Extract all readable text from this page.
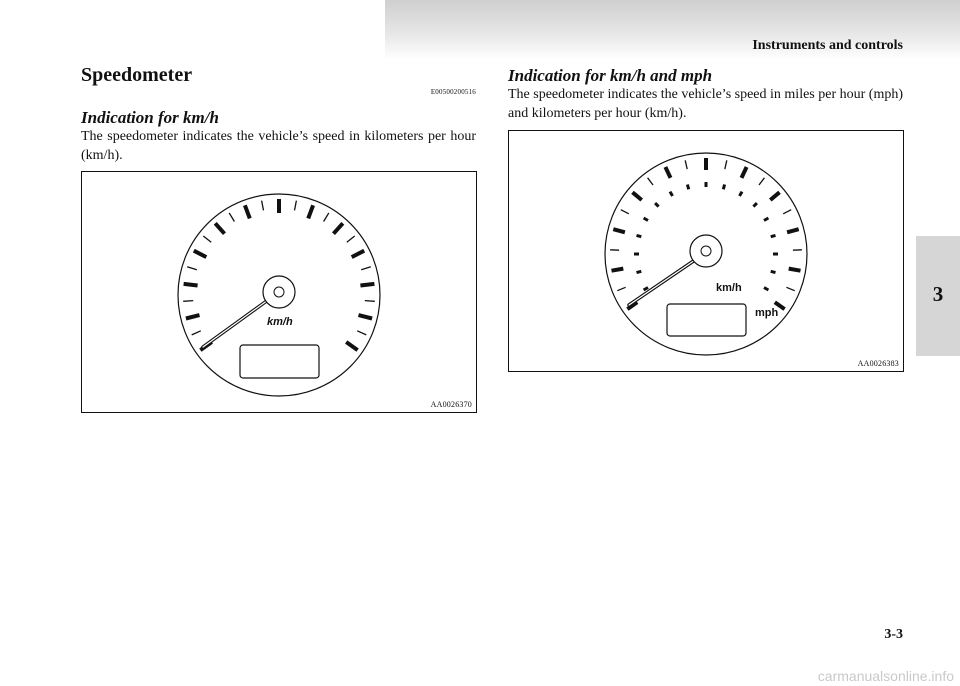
Instruments and controls
3
Speedometer
E00500200516
Indication for km/h
The speedometer indicates the vehicle’s speed in kilometers per hour (km/h).
km/h
AA0026370
Indication for km/h and mph
The speedometer indicates the vehicle’s speed in miles per hour (mph) and kilometers per hour (km/h).
km/h
mph
AA0026383
3-3
carmanualsonline.info
